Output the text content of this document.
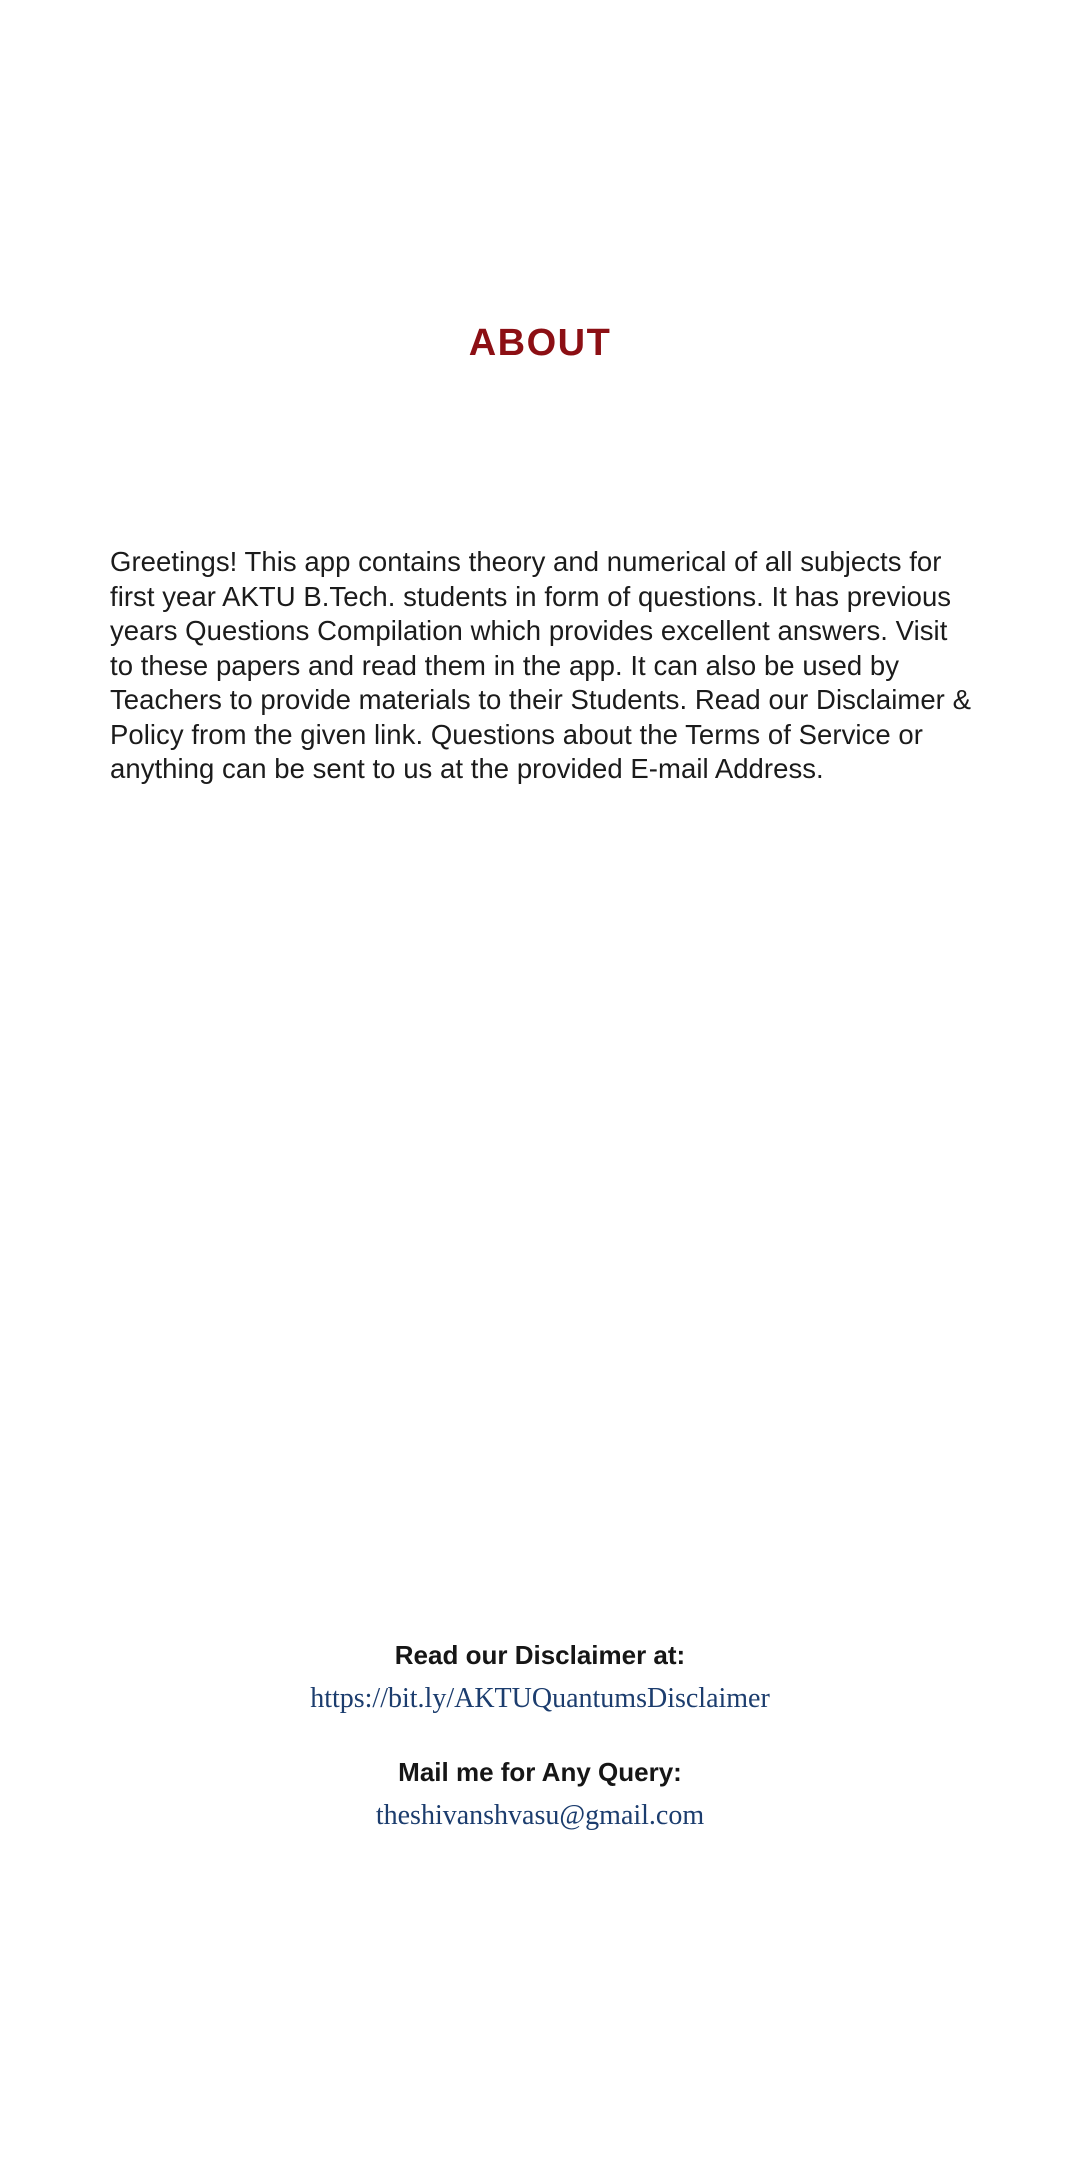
ABOUT
Greetings! This app contains theory and numerical of all subjects for first year AKTU B.Tech. students in form of questions. It has previous years Questions Compilation which provides excellent answers. Visit to these papers and read them in the app. It can also be used by Teachers to provide materials to their Students. Read our Disclaimer & Policy from the given link. Questions about the Terms of Service or anything can be sent to us at the provided E-mail Address.
Read our Disclaimer at:
https://bit.ly/AKTUQuantumsDisclaimer
Mail me for Any Query:
theshivanshvasu@gmail.com
